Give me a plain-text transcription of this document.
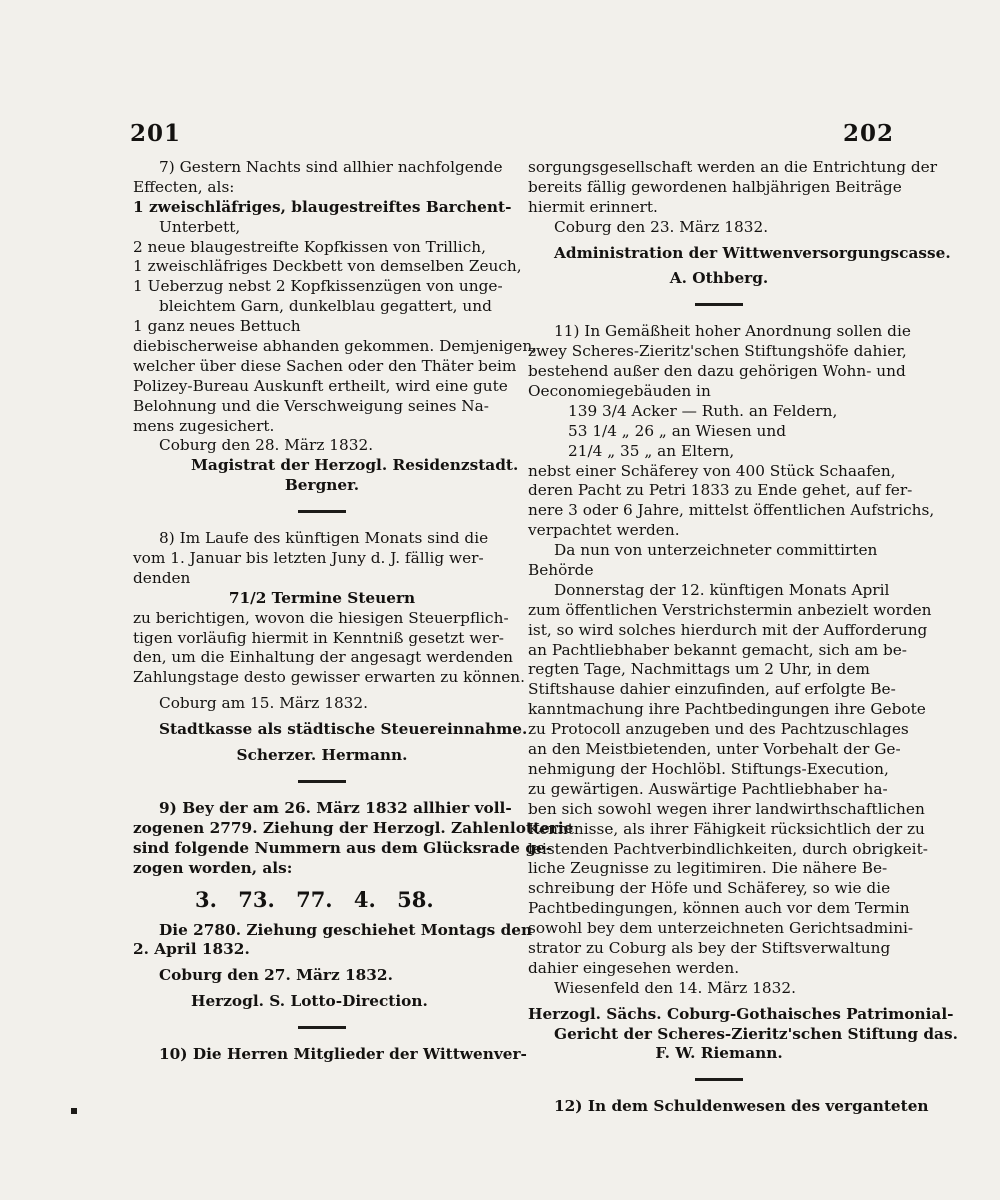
201	202
7) Gestern Nachts sind allhier nachfolgende
Effecten, als:
1 zweischläfriges, blaugestreiftes Barchent-
Unterbett,
2 neue blaugestreifte Kopfkissen von Trillich,
1 zweischläfriges Deckbett von demselben Zeuch,
1 Ueberzug nebst 2 Kopfkissenzügen von unge-
bleichtem Garn, dunkelblau gegattert, und
1 ganz neues Bettuch
diebischerweise abhanden gekommen. Demjenigen,
welcher über diese Sachen oder den Thäter beim
Polizey-Bureau Auskunft ertheilt, wird eine gute
Belohnung und die Verschweigung seines Na-
mens zugesichert.
Coburg den 28. März 1832.
Magistrat der Herzogl. Residenzstadt.
Bergner.
8) Im Laufe des künftigen Monats sind die
vom 1. Januar bis letzten Juny d. J. fällig wer-
denden
71/2 Termine Steuern
zu berichtigen, wovon die hiesigen Steuerpflich-
tigen vorläufig hiermit in Kenntniß gesetzt wer-
den, um die Einhaltung der angesagt werdenden
Zahlungstage desto gewisser erwarten zu können.
Coburg am 15. März 1832.
Stadtkasse als städtische Steuereinnahme.
Scherzer. Hermann.
9) Bey der am 26. März 1832 allhier voll-
zogenen 2779. Ziehung der Herzogl. Zahlenlotterie
sind folgende Nummern aus dem Glücksrade ge-
zogen worden, als:
3. 73. 77. 4. 58.
Die 2780. Ziehung geschiehet Montags den
2. April 1832.
Coburg den 27. März 1832.
Herzogl. S. Lotto-Direction.
10) Die Herren Mitglieder der Wittwenver-
sorgungsgesellschaft werden an die Entrichtung der
bereits fällig gewordenen halbjährigen Beiträge
hiermit erinnert.
Coburg den 23. März 1832.
Administration der Wittwenversorgungscasse.
A. Othberg.
11) In Gemäßheit hoher Anordnung sollen die
zwey Scheres-Zieritz'schen Stiftungshöfe dahier,
bestehend außer den dazu gehörigen Wohn- und
Oeconomiegebäuden in
139 3/4 Acker — Ruth. an Feldern,
53 1/4 „ 26 „ an Wiesen und
21/4 „ 35 „ an Eltern,
nebst einer Schäferey von 400 Stück Schaafen,
deren Pacht zu Petri 1833 zu Ende gehet, auf fer-
nere 3 oder 6 Jahre, mittelst öffentlichen Aufstrichs,
verpachtet werden.
Da nun von unterzeichneter committirten
Behörde
Donnerstag der 12. künftigen Monats April
zum öffentlichen Verstrichstermin anbezielt worden
ist, so wird solches hierdurch mit der Aufforderung
an Pachtliebhaber bekannt gemacht, sich am be-
regten Tage, Nachmittags um 2 Uhr, in dem
Stiftshause dahier einzufinden, auf erfolgte Be-
kanntmachung ihre Pachtbedingungen ihre Gebote
zu Protocoll anzugeben und des Pachtzuschlages
an den Meistbietenden, unter Vorbehalt der Ge-
nehmigung der Hochlöbl. Stiftungs-Execution,
zu gewärtigen. Auswärtige Pachtliebhaber ha-
ben sich sowohl wegen ihrer landwirthschaftlichen
Kenntnisse, als ihrer Fähigkeit rücksichtlich der zu
leistenden Pachtverbindlichkeiten, durch obrigkeit-
liche Zeugnisse zu legitimiren. Die nähere Be-
schreibung der Höfe und Schäferey, so wie die
Pachtbedingungen, können auch vor dem Termin
sowohl bey dem unterzeichneten Gerichtsadmini-
strator zu Coburg als bey der Stiftsverwaltung
dahier eingesehen werden.
Wiesenfeld den 14. März 1832.
Herzogl. Sächs. Coburg-Gothaisches Patrimonial-
Gericht der Scheres-Zieritz'schen Stiftung das.
F. W. Riemann.
12) In dem Schuldenwesen des verganteten
